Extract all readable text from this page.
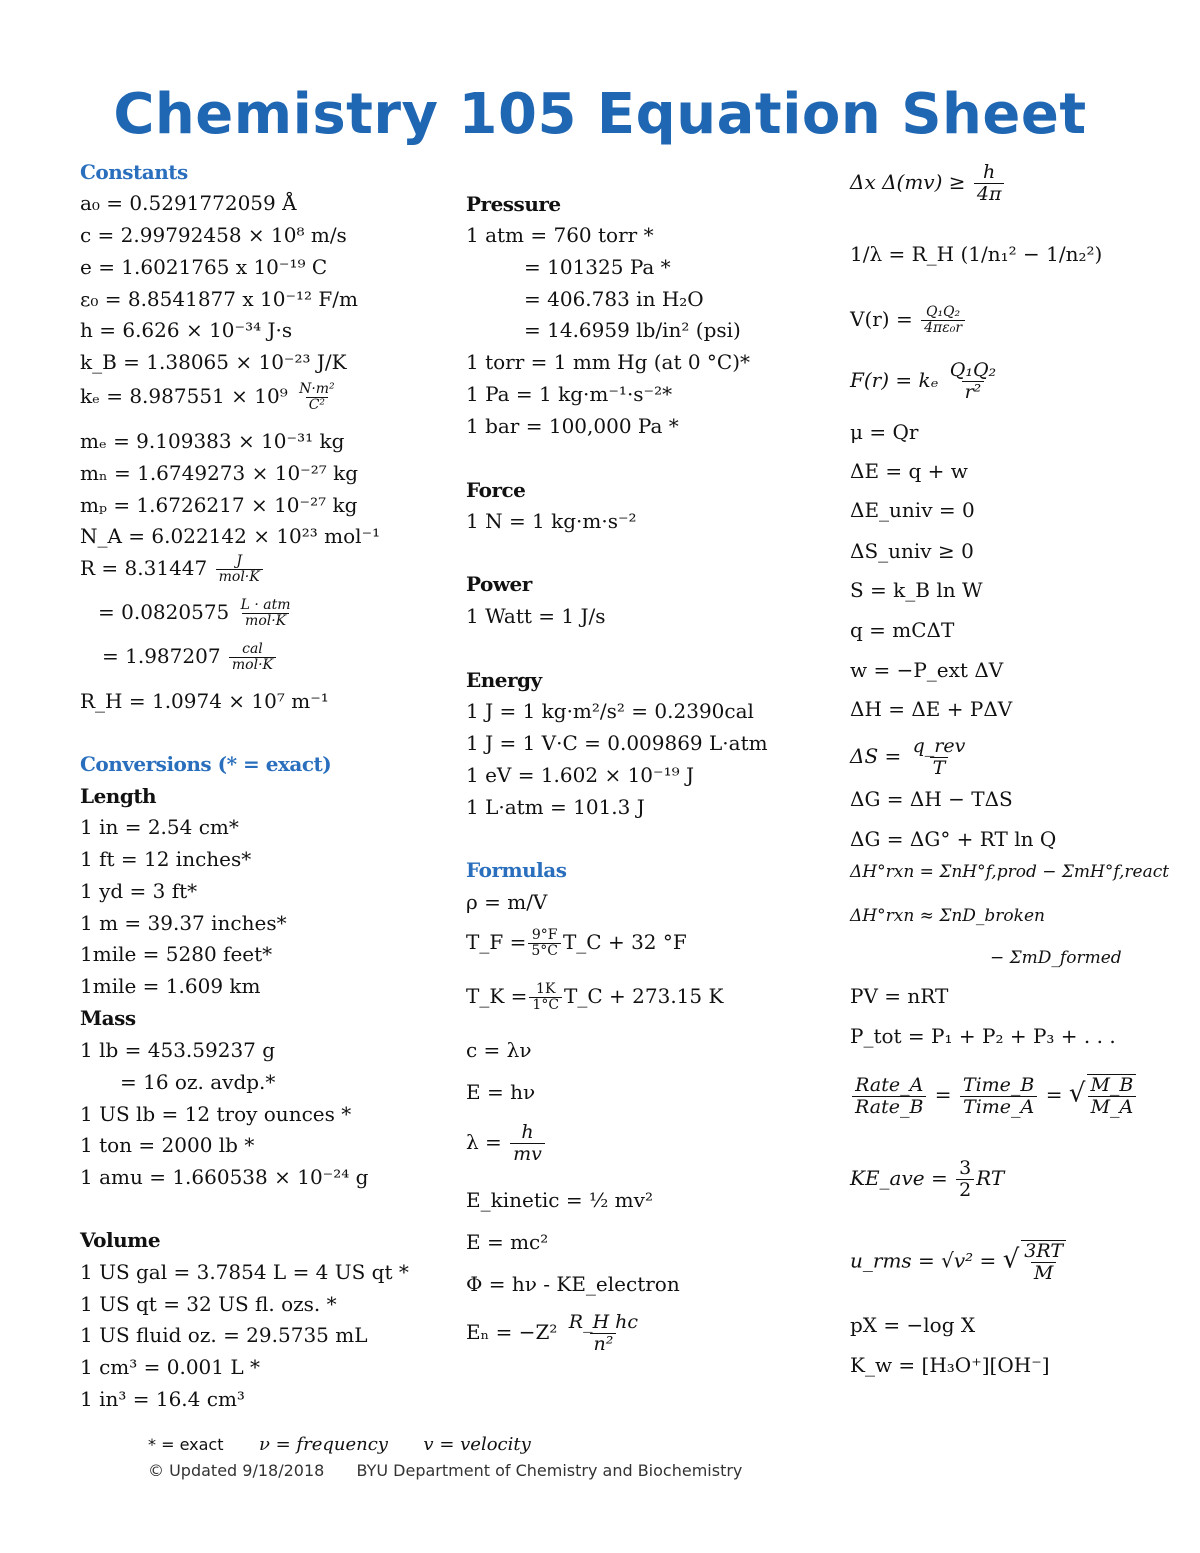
Chemistry 105 Equation Sheet
Constants
a₀ = 0.5291772059 Å
c = 2.99792458 × 10⁸ m/s
e = 1.6021765 x 10⁻¹⁹ C
ε₀ = 8.8541877 x 10⁻¹² F/m
h = 6.626 × 10⁻³⁴ J·s
k_B = 1.38065 × 10⁻²³ J/K
$k_e = 8.987551 \times 10^9 \frac{\text{N·m²}}{\text{C²}}$
mₑ = 9.109383 × 10⁻³¹ kg
mₙ = 1.6749273 × 10⁻²⁷ kg
mₚ = 1.6726217 × 10⁻²⁷ kg
N_A = 6.022142 × 10²³ mol⁻¹
$R = 8.31447 \frac{J}{\text{mol·K}}$
= $0.0820575 \frac{\text{L · atm}}{\text{mol·K}}$
= $1.987207 \frac{\text{cal}}{\text{mol·K}}$
R_H = 1.0974 × 10⁷ m⁻¹
Conversions (* = exact)
Length
1 in = 2.54 cm*
1 ft = 12 inches*
1 yd = 3 ft*
1 m = 39.37 inches*
1mile = 5280 feet*
1mile = 1.609 km
Mass
1 lb = 453.59237 g
= 16 oz. avdp.*
1 US lb = 12 troy ounces *
1 ton = 2000 lb *
1 amu = 1.660538 × 10⁻²⁴ g
Volume
1 US gal = 3.7854 L = 4 US qt *
1 US qt = 32 US fl. ozs. *
1 US fluid oz. = 29.5735 mL
1 cm³ = 0.001 L *
1 in³ = 16.4 cm³
Pressure
1 atm = 760 torr *
= 101325 Pa *
= 406.783 in H₂O
= 14.6959 lb/in² (psi)
1 torr = 1 mm Hg (at 0 °C)*
1 Pa = 1 kg·m⁻¹·s⁻²*
1 bar = 100,000 Pa *
Force
1 N = 1 kg·m·s⁻²
Power
1 Watt = 1 J/s
Energy
1 J = 1 kg·m²/s² = 0.2390cal
1 J = 1 V·C = 0.009869 L·atm
1 eV = 1.602 × 10⁻¹⁹ J
1 L·atm = 101.3 J
Formulas
ρ = m/V
T_F = $\frac{9^\circ F}{5^\circ C}$ T_C + 32 °F
T_K = $\frac{1K}{1^\circ C}$ T_C + 273.15 K
c = λν
E = hν
$\lambda = \frac{h}{mv}$
E_kinetic = ½ mv²
E = mc²
Φ = hν - KE_electron
$E_n = -Z^2 \frac{\text{R\_H hc}}{\text{n²}}$
Δx $\Delta(mv) \ge \frac{h}{4\pi}$
1/λ = R_H (1/n₁² − 1/n₂²)
$V(r) = \frac{\text{Q₁Q₂}}{\text{4πε₀r}}$
F(r) = kₑ $\frac{\text{Q₁Q₂}}{\text{r²}}$
μ = Qr
ΔE = q + w
ΔE_univ = 0
ΔS_univ ≥ 0
S = k_B ln W
q = mCΔT
w = −P_ext ΔV
ΔH = ΔE + PΔV
$\Delta S = \frac{\text{q\_rev}}{T}$
ΔG = ΔH − TΔS
ΔG = ΔG° + RT ln Q
ΔH°rxn = ΣnH°f,prod − ΣmH°f,react
ΔH°rxn ≈ ΣnD_broken
− ΣmD_formed
PV = nRT
P_tot = P₁ + P₂ + P₃ + . . .
$\frac{\text{Rate\_A}}{\text{Rate\_B}} = \frac{\text{Time\_B}}{\text{Time\_A}}$ = √ $\frac{M\_B}{M\_A}$
KE_ave = $\frac{3}{2}$ RT
u_rms = √v² = √ $\frac{3RT}{M}$
pX = −log X
K_w = [H₃O⁺][OH⁻]
* = exact ν = frequency v = velocity
© Updated 9/18/2018 BYU Department of Chemistry and Biochemistry
